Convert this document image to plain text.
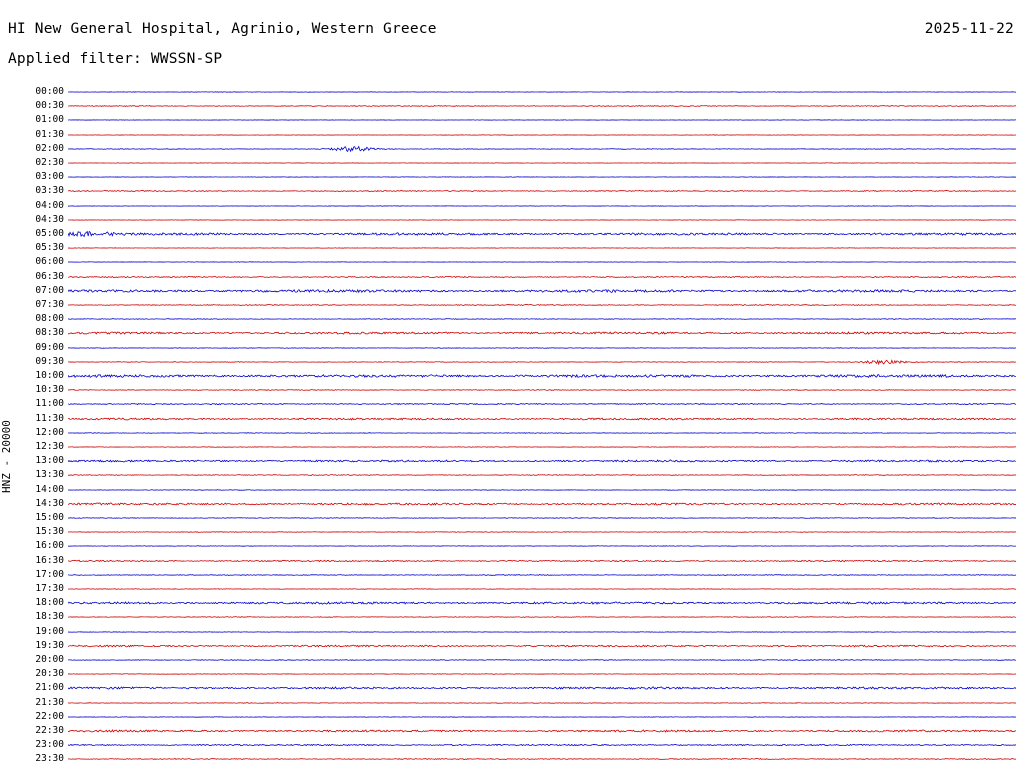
HI New General Hospital, Agrinio, Western Greece	2025-11-22
Applied filter: WWSSN-SP
HNZ - 20000
00:00
00:30
01:00
01:30
02:00
02:30
03:00
03:30
04:00
04:30
05:00
05:30
06:00
06:30
07:00
07:30
08:00
08:30
09:00
09:30
10:00
10:30
11:00
11:30
12:00
12:30
13:00
13:30
14:00
14:30
15:00
15:30
16:00
16:30
17:00
17:30
18:00
18:30
19:00
19:30
20:00
20:30
21:00
21:30
22:00
22:30
23:00
23:30
